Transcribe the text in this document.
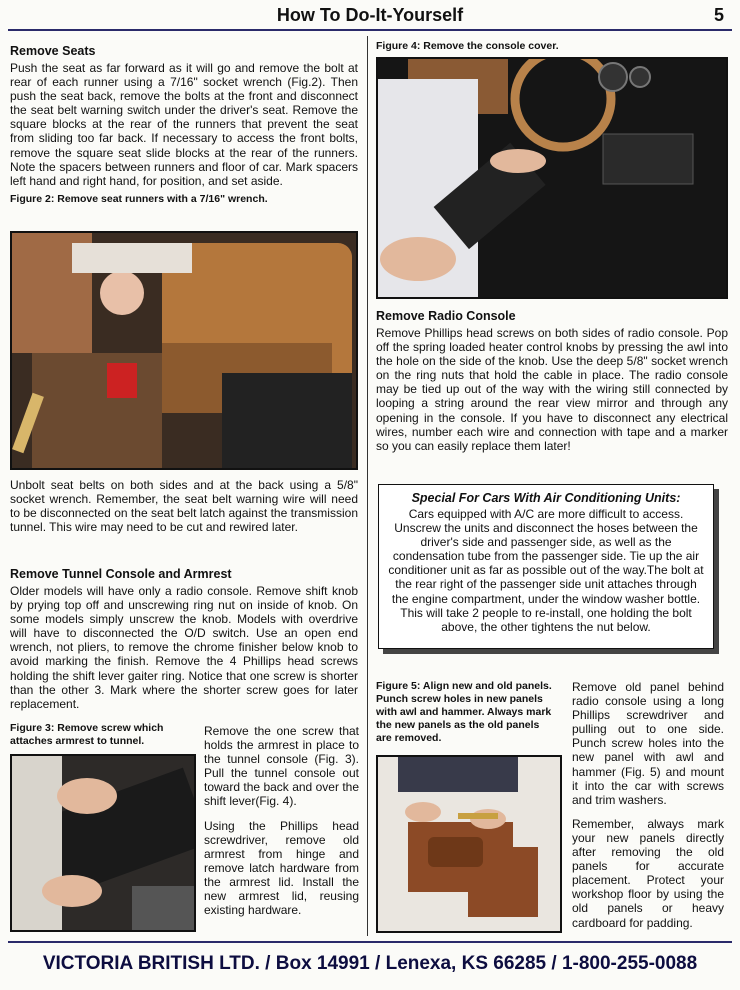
How To Do-It-Yourself	5
Remove Seats

Push the seat as far forward as it will go and remove the bolt at rear of each runner using a 7/16" socket wrench (Fig.2). Then push the seat back, remove the bolts at the front and disconnect the seat belt warning switch under the driver's seat. Remove the square blocks at the rear of the runners that prevent the seat from sliding too far back. If necessary to access the front bolts, remove the square seat slide blocks at the rear of the runners. Note the spacers between runners and floor of car. Mark spacers left hand and right hand, for position, and set aside.

Figure 2: Remove seat runners with a 7/16" wrench.

Unbolt seat belts on both sides and at the back using a 5/8" socket wrench. Remember, the seat belt warning wire will need to be disconnected on the seat belt latch against the transmission tunnel. This wire may need to be cut and rewired later.

Remove Tunnel Console and Armrest

Older models will have only a radio console. Remove shift knob by prying top off and unscrewing ring nut on inside of knob. On some models simply unscrew the knob. Models with overdrive will have to disconnected the O/D switch. Use an open end wrench, not pliers, to remove the chrome finisher below knob to avoid marking the finish. Remove the 4 Phillips head screws holding the shift lever gaiter ring. Notice that one screw is shorter than the other 3. Mark where the shorter screw goes for later replacement.

Figure 3: Remove screw which attaches armrest to tunnel.

Remove the one screw that holds the armrest in place to the tunnel console (Fig. 3). Pull the tunnel console out toward the back and over the shift lever(Fig. 4).

Using the Phillips head screwdriver, remove old armrest from hinge and remove latch hardware from the armrest lid. Install the new armrest lid, reusing existing hardware.

Figure 4: Remove the console cover.
Remove Radio Console

Remove Phillips head screws on both sides of radio console. Pop off the spring loaded heater control knobs by pressing the awl into the hole on the side of the knob. Use the deep 5/8" socket wrench on the ring nuts that hold the cable in place. The radio console may be tied up out of the way with the wiring still connected by looping a string around the rear view mirror and through any opening in the console. If you have to disconnect any electrical wires, number each wire and connection with tape and a marker so you can easily replace them later!

Special For Cars With Air Conditioning Units:

Cars equipped with A/C are more difficult to access. Unscrew the units and disconnect the hoses between the driver's side and passenger side, as well as the condensation tube from the passenger side. Tie up the air conditioner unit as far as possible out of the way.The bolt at the rear right of the passenger side unit attaches through the engine compartment, under the window washer bottle. This will take 2 people to re-install, one holding the bolt above, the other tightens the nut below.

Figure 5: Align new and old panels. Punch screw holes in new panels with awl and hammer. Always mark the new panels as the old panels are removed.

Remove old panel behind radio console using a long Phillips screwdriver and pulling out to one side. Punch screw holes into the new panel with awl and hammer (Fig. 5) and mount it into the car with screws and trim washers.

Remember, always mark your new panels directly after removing the old panels for accurate placement. Protect your workshop floor by using the old panels or heavy cardboard for padding.

VICTORIA BRITISH LTD. / Box 14991 / Lenexa, KS 66285 / 1-800-255-0088
